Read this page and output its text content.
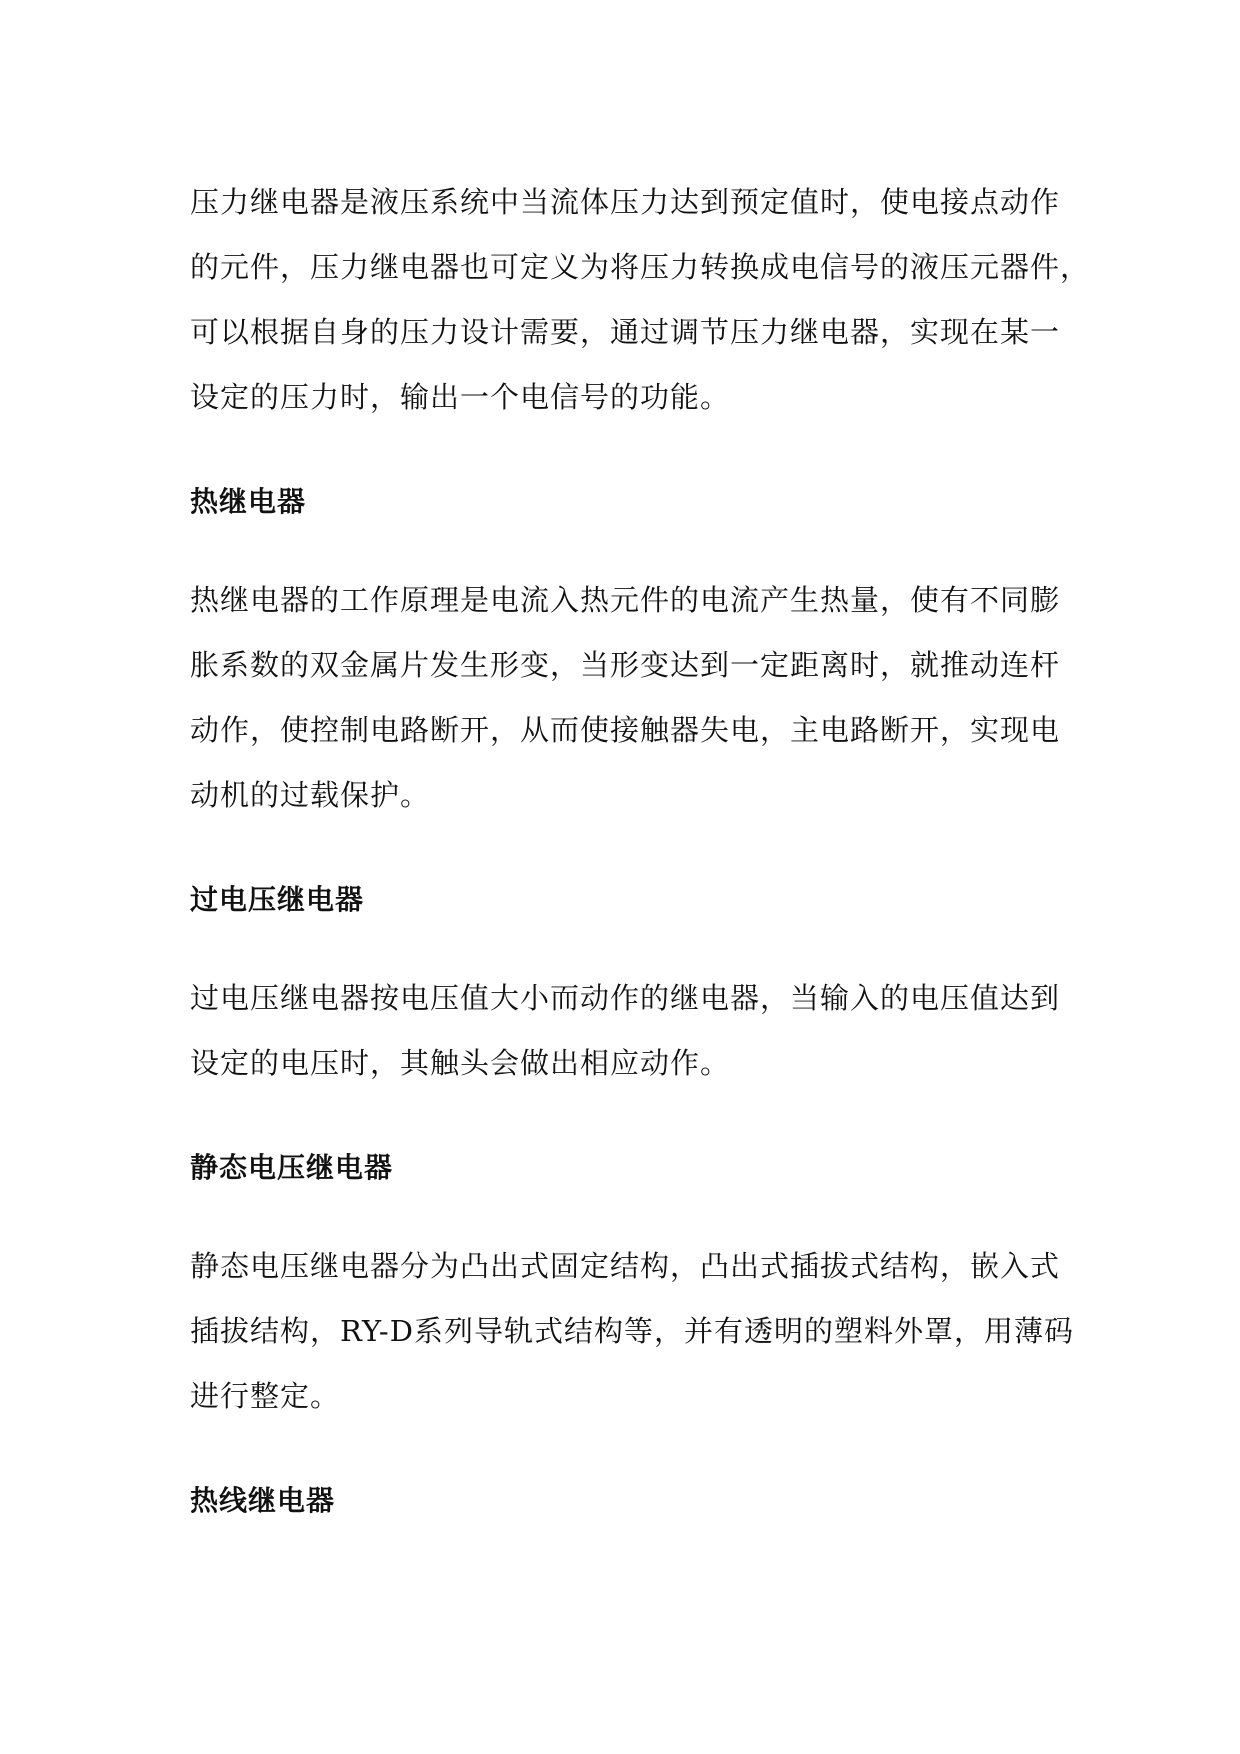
压力继电器是液压系统中当流体压力达到预定值时，使电接点动作
的元件，压力继电器也可定义为将压力转换成电信号的液压元器件，
可以根据自身的压力设计需要，通过调节压力继电器，实现在某一
设定的压力时，输出一个电信号的功能。

热继电器

热继电器的工作原理是电流入热元件的电流产生热量，使有不同膨
胀系数的双金属片发生形变，当形变达到一定距离时，就推动连杆
动作，使控制电路断开，从而使接触器失电，主电路断开，实现电
动机的过载保护。

过电压继电器

过电压继电器按电压值大小而动作的继电器，当输入的电压值达到
设定的电压时，其触头会做出相应动作。

静态电压继电器

静态电压继电器分为凸出式固定结构，凸出式插拔式结构，嵌入式
插拔结构，RY-D系列导轨式结构等，并有透明的塑料外罩，用薄码
进行整定。

热线继电器
